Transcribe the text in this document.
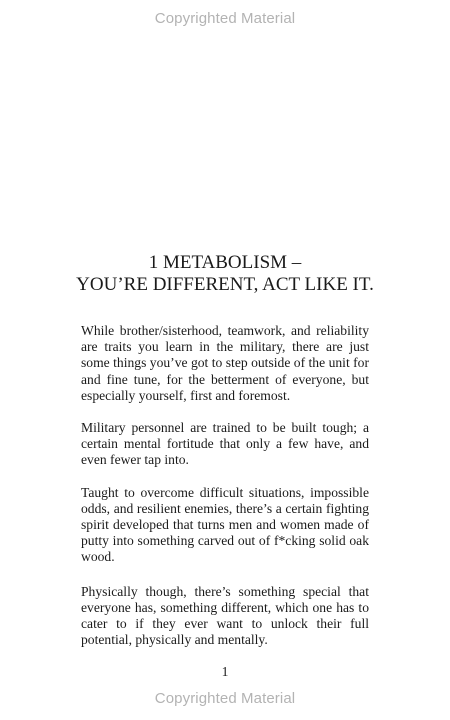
Copyrighted Material
1 METABOLISM –
YOU’RE DIFFERENT, ACT LIKE IT.

While brother/sisterhood, teamwork, and reliability are traits you learn in the military, there are just some things you’ve got to step outside of the unit for and fine tune, for the betterment of everyone, but especially yourself, first and foremost.

Military personnel are trained to be built tough; a certain mental fortitude that only a few have, and even fewer tap into.

Taught to overcome difficult situations, impossible odds, and resilient enemies, there’s a certain fighting spirit developed that turns men and women made of putty into something carved out of f*cking solid oak wood.

Physically though, there’s something special that everyone has, something different, which one has to cater to if they ever want to unlock their full potential, physically and mentally.

1
Copyrighted Material
